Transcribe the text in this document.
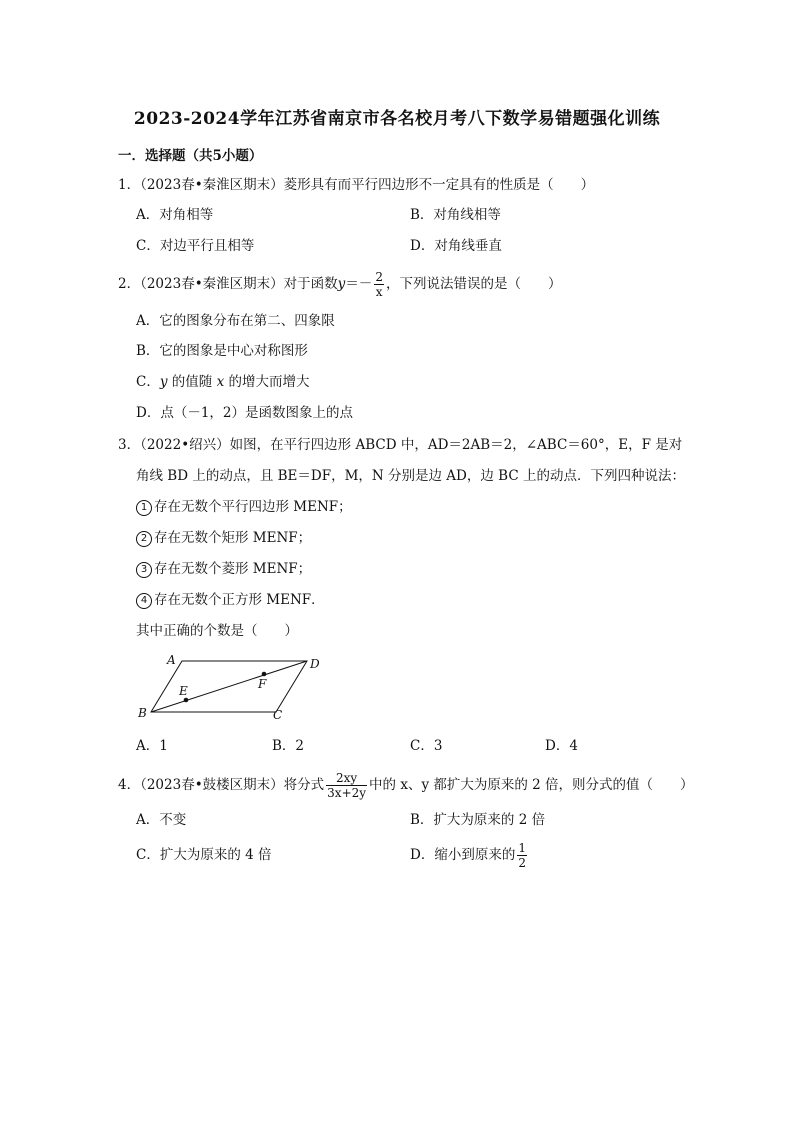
2023-2024学年江苏省南京市各名校月考八下数学易错题强化训练
一．选择题（共5小题）
1．（2023春•秦淮区期末）菱形具有而平行四边形不一定具有的性质是（　　）
A．对角相等	B．对角线相等
C．对边平行且相等	D．对角线垂直
2．（2023春•秦淮区期末）对于函数$y=- \frac{2}{x}$ ，下列说法错误的是（　　）
A．它的图象分布在第二、四象限
B．它的图象是中心对称图形
C．y 的值随 x 的增大而增大
D．点（－1，2）是函数图象上的点
3．（2022•绍兴）如图，在平行四边形 ABCD 中，AD＝2AB＝2，∠ABC＝60°，E，F 是对
角线 BD 上的动点，且 BE＝DF，M，N 分别是边 AD，边 BC 上的动点．下列四种说法：
1 存在无数个平行四边形 MENF；
2 存在无数个矩形 MENF；
3 存在无数个菱形 MENF；
4 存在无数个正方形 MENF．
其中正确的个数是（　　）
A	D
B	C
E	F
A．1	B．2	C．3	D．4
4．（2023春•鼓楼区期末）将分式 $\frac{2xy}{3x+2y}$ 中的 x、y 都扩大为原来的 2 倍，则分式的值（　　）
A．不变	B．扩大为原来的 2 倍
C．扩大为原来的 4 倍	D．缩小到原来的 $\frac{1}{2}$
